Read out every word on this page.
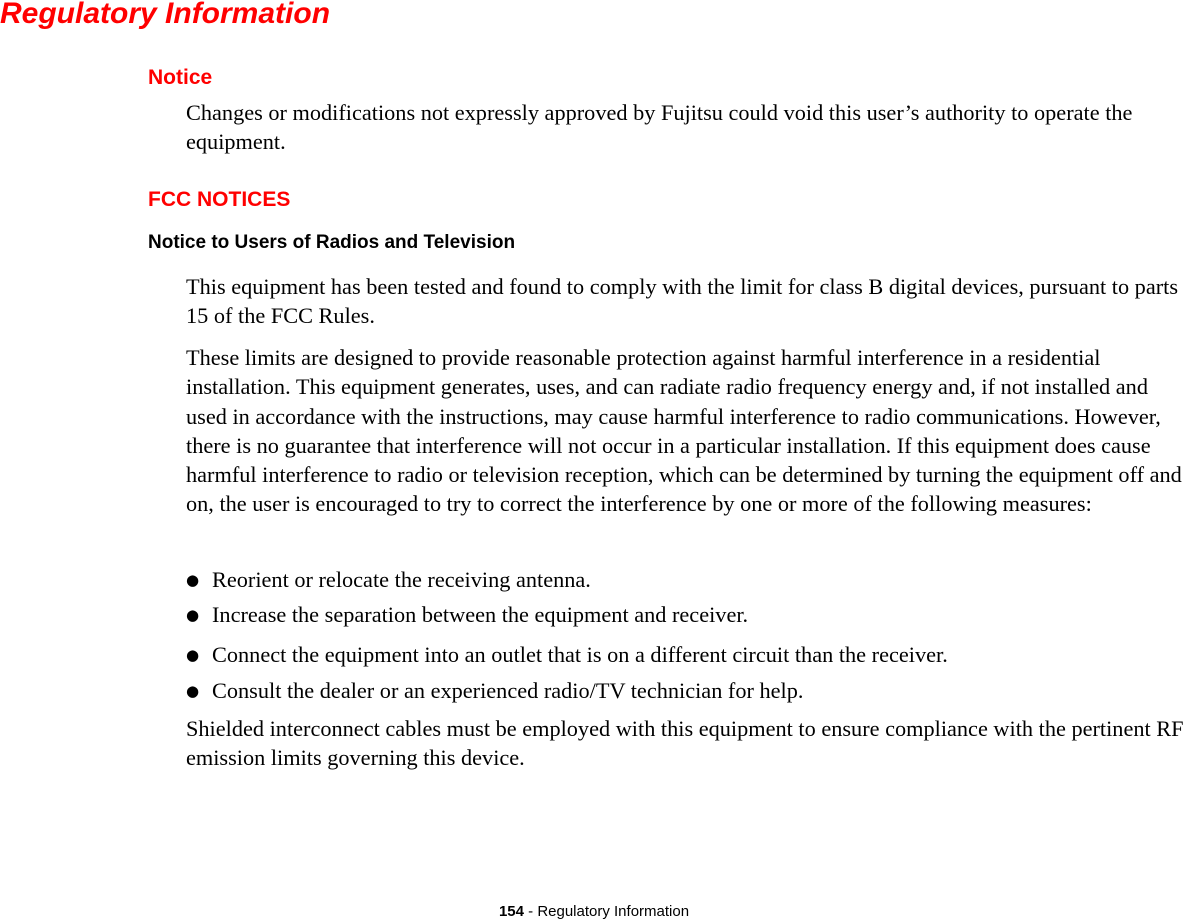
Regulatory Information
Notice

Changes or modifications not expressly approved by Fujitsu could void this user’s authority to operate the equipment.

FCC NOTICES
Notice to Users of Radios and Television

This equipment has been tested and found to comply with the limit for class B digital devices, pursuant to parts 15 of the FCC Rules.

These limits are designed to provide reasonable protection against harmful interference in a residential installation. This equipment generates, uses, and can radiate radio frequency energy and, if not installed and used in accordance with the instructions, may cause harmful interference to radio communications. However, there is no guarantee that interference will not occur in a particular installation. If this equipment does cause harmful interference to radio or television reception, which can be determined by turning the equipment off and on, the user is encouraged to try to correct the interference by one or more of the following measures:

● Reorient or relocate the receiving antenna.
● Increase the separation between the equipment and receiver.
● Connect the equipment into an outlet that is on a different circuit than the receiver.
● Consult the dealer or an experienced radio/TV technician for help.

Shielded interconnect cables must be employed with this equipment to ensure compliance with the pertinent RF emission limits governing this device.

154 - Regulatory Information
